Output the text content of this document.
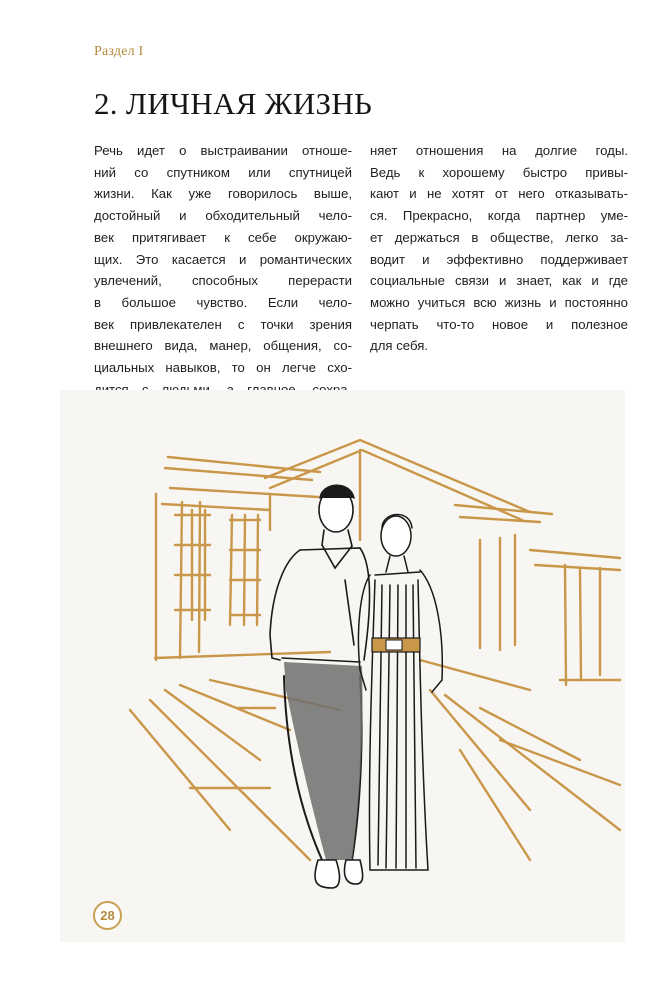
Раздел I
2. ЛИЧНАЯ ЖИЗНЬ
Речь идет о выстраивании отноше-
ний со спутником или спутницей
жизни. Как уже говорилось выше,
достойный и обходительный чело-
век притягивает к себе окружаю-
щих. Это касается и романтических
увлечений, способных перерасти
в большое чувство. Если чело-
век привлекателен с точки зрения
внешнего вида, манер, общения, со-
циальных навыков, то он легче схо-
няет отношения на долгие годы.
Ведь к хорошему быстро привы-
кают и не хотят от него отказывать-
ся. Прекрасно, когда партнер уме-
ет держаться в обществе, легко за-
водит и эффективно поддерживает
социальные связи и знает, как и где
можно учиться всю жизнь и постоянно
черпать что-то новое и полезное
для себя.
28
